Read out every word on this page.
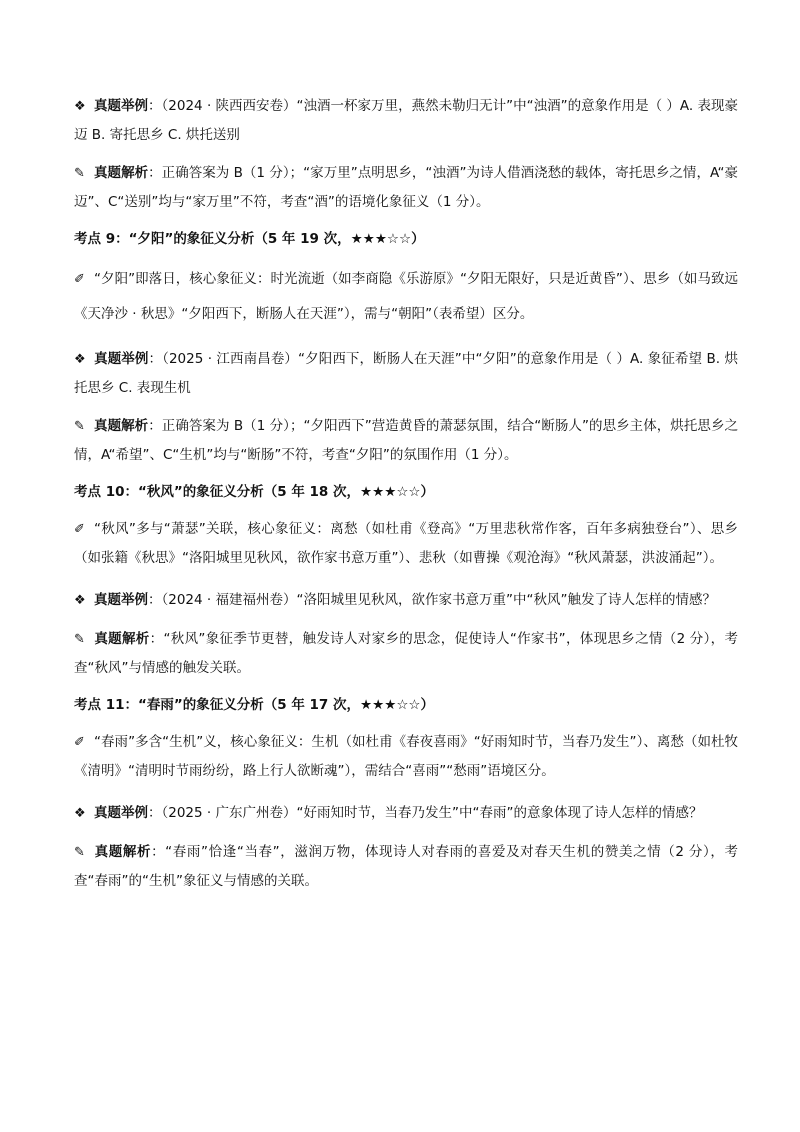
❖ 真题举例：（2024 · 陕西西安卷）“浊酒一杯家万里，燕然未勒归无计”中“浊酒”的意象作用是（ ）A. 表现豪迈 B. 寄托思乡 C. 烘托送别

✎ 真题解析：正确答案为 B（1 分）；“家万里”点明思乡，“浊酒”为诗人借酒浇愁的载体，寄托思乡之情，A“豪迈”、C“送别”均与“家万里”不符，考查“酒”的语境化象征义（1 分）。

考点 9：“夕阳”的象征义分析（5 年 19 次，★★★☆☆）

✐ “夕阳”即落日，核心象征义：时光流逝（如李商隐《乐游原》“夕阳无限好，只是近黄昏”）、思乡（如马致远《天净沙 · 秋思》“夕阳西下，断肠人在天涯”），需与“朝阳”（表希望）区分。

❖ 真题举例：（2025 · 江西南昌卷）“夕阳西下，断肠人在天涯”中“夕阳”的意象作用是（ ）A. 象征希望 B. 烘托思乡 C. 表现生机

✎ 真题解析：正确答案为 B（1 分）；“夕阳西下”营造黄昏的萧瑟氛围，结合“断肠人”的思乡主体，烘托思乡之情，A“希望”、C“生机”均与“断肠”不符，考查“夕阳”的氛围作用（1 分）。

考点 10：“秋风”的象征义分析（5 年 18 次，★★★☆☆）

✐ “秋风”多与“萧瑟”关联，核心象征义：离愁（如杜甫《登高》“万里悲秋常作客，百年多病独登台”）、思乡（如张籍《秋思》“洛阳城里见秋风，欲作家书意万重”）、悲秋（如曹操《观沧海》“秋风萧瑟，洪波涌起”）。

❖ 真题举例：（2024 · 福建福州卷）“洛阳城里见秋风，欲作家书意万重”中“秋风”触发了诗人怎样的情感？

✎ 真题解析：“秋风”象征季节更替，触发诗人对家乡的思念，促使诗人“作家书”，体现思乡之情（2 分），考查“秋风”与情感的触发关联。

考点 11：“春雨”的象征义分析（5 年 17 次，★★★☆☆）

✐ “春雨”多含“生机”义，核心象征义：生机（如杜甫《春夜喜雨》“好雨知时节，当春乃发生”）、离愁（如杜牧《清明》“清明时节雨纷纷，路上行人欲断魂”），需结合“喜雨”“愁雨”语境区分。

❖ 真题举例：（2025 · 广东广州卷）“好雨知时节，当春乃发生”中“春雨”的意象体现了诗人怎样的情感？

✎ 真题解析：“春雨”恰逢“当春”，滋润万物，体现诗人对春雨的喜爱及对春天生机的赞美之情（2 分），考查“春雨”的“生机”象征义与情感的关联。
